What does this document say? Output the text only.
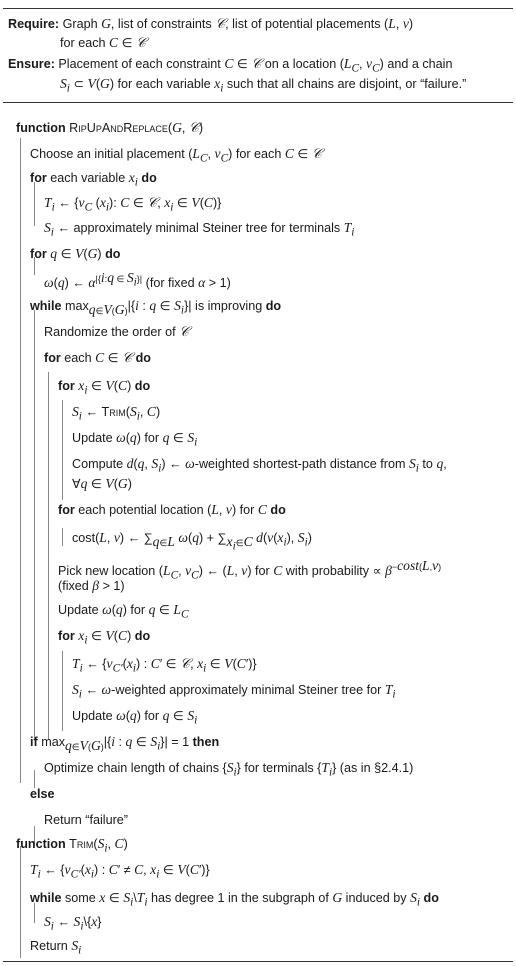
Require: Graph G, list of constraints 𝒞, list of potential placements (L, v)
for each C ∈ 𝒞
Ensure: Placement of each constraint C ∈ 𝒞 on a location ($L_C$, $v_C$) and a chain
$S_i$ ⊂ V(G) for each variable $x_i$ such that all chains are disjoint, or “failure.”
function RipUpAndReplace(G, 𝒞)
Choose an initial placement ($L_C$, $v_C$) for each C ∈ 𝒞
for each variable $x_i$ do
$T_i$ ← {$v_C$ $(x_i)$: C ∈ 𝒞, $x_i$ ∈ V(C)}
$S_i$ ← approximately minimal Steiner tree for terminals $T_i$
for q ∈ V(G) do
ω(q) ← $\alpha^{|\{i:q \in S_i\}|}$ (for fixed α > 1)
while $\max_{q\in V(G)}|\{i$ : q ∈ $S_i\}|$ is improving do
Randomize the order of 𝒞
for each C ∈ 𝒞 do
for $x_i$ ∈ V(C) do
$S_i$ ← $Trim(S_i$, C)
Update ω(q) for q ∈ $S_i$
Compute d(q, $S_i$) ← ω-weighted shortest-path distance from $S_i$ to q,
∀q ∈ V(G)
for each potential location (L, v) for C do
cost(L, v) ← $\sum_{q\in L}$ $\omega(q) + \sum_{x_i\in C}$ $d(v(x_i)$, $S_i$)
Pick new location ($L_C$, $v_C$) ← (L, v) for C with probability ∝ $\beta^{-cost(L,v)}$
(fixed β > 1)
Update ω(q) for q ∈ $L_C$
for $x_i$ ∈ V(C) do
$T_i$ ← {$v_{C'}(x_i)$ : C′ ∈ 𝒞, $x_i$ ∈ V(C′)}
$S_i$ ← ω-weighted approximately minimal Steiner tree for $T_i$
Update ω(q) for q ∈ $S_i$
if $\max_{q\in V(G)}|\{i$ : q ∈ $S_i\}| = 1$ then
Optimize chain length of chains $\{S_i\}$ for terminals $\{T_i\}$ (as in §2.4.1)
else
Return “failure”
function $Trim(S_i$, C)
$T_i$ ← {$v_{C'}(x_i)$ : C′ ≠ C, $x_i$ ∈ V(C′)}
while some x ∈ $S_i\backslash T_i$ has degree 1 in the subgraph of G induced by $S_i$ do
$S_i$ ← $S_i\backslash\{x\}$
Return $S_i$
